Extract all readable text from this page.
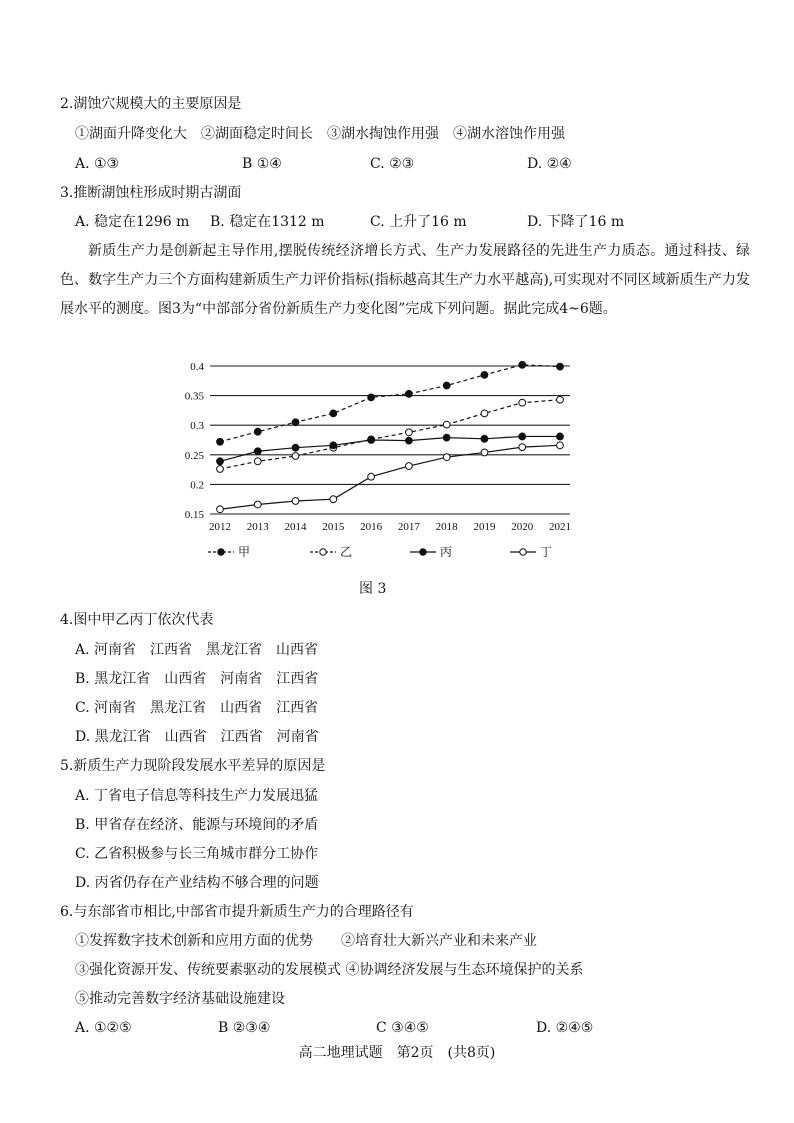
2.湖蚀穴规模大的主要原因是
①湖面升降变化大　②湖面稳定时间长　③湖水掏蚀作用强　④湖水溶蚀作用强
A. ①③	B ①④	C. ②③	D. ②④
3.推断湖蚀柱形成时期古湖面
A. 稳定在1296 m B. 稳定在1312 m	C. 上升了16 m	D. 下降了16 m
新质生产力是创新起主导作用,摆脱传统经济增长方式、生产力发展路径的先进生产力质态。通过科技、绿色、数字生产力三个方面构建新质生产力评价指标(指标越高其生产力水平越高),可实现对不同区域新质生产力发展水平的测度。图3为“中部部分省份新质生产力变化图”完成下列问题。据此完成4~6题。
0.15
0.2
0.25
0.3
0.35
0.4
2012 2013 2014 2015 2016 2017 2018 2019 2020 2021
甲	乙	丙	丁
图 3
4.图中甲乙丙丁依次代表
A. 河南省　江西省　黑龙江省　山西省
B. 黑龙江省　山西省　河南省　江西省
C. 河南省　黑龙江省　山西省　江西省
D. 黑龙江省　山西省　江西省　河南省
5.新质生产力现阶段发展水平差异的原因是
A. 丁省电子信息等科技生产力发展迅猛
B. 甲省存在经济、能源与环境间的矛盾
C. 乙省积极参与长三角城市群分工协作
D. 丙省仍存在产业结构不够合理的问题
6.与东部省市相比,中部省市提升新质生产力的合理路径有
①发挥数字技术创新和应用方面的优势　　②培育壮大新兴产业和未来产业
③强化资源开发、传统要素驱动的发展模式 ④协调经济发展与生态环境保护的关系
⑤推动完善数字经济基础设施建设
A. ①②⑤	B ②③④	C ③④⑤	D. ②④⑤
高二地理试题　第2页　(共8页)
